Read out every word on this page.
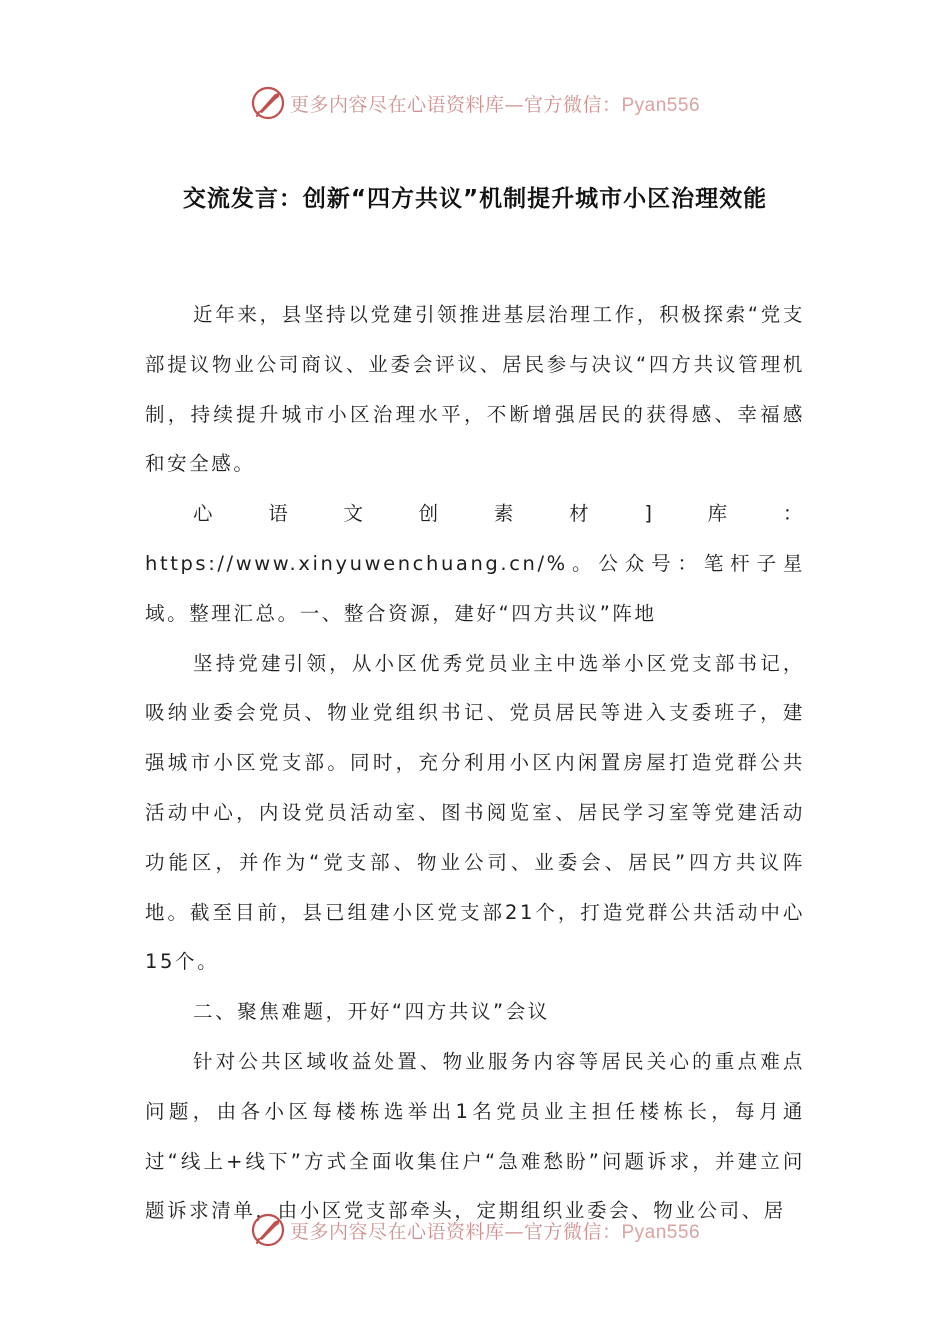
更多内容尽在心语资料库—官方微信：Pyan556
交流发言：创新“四方共议”机制提升城市小区治理效能

近年来，县坚持以党建引领推进基层治理工作，积极探索“党支部提议物业公司商议、业委会评议、居民参与决议“四方共议管理机制，持续提升城市小区治理水平，不断增强居民的获得感、幸福感和安全感。

心语文创素材]库：https://www.xinyuwenchuang.cn/%。公众号：笔杆子星域。整理汇总。一、整合资源，建好“四方共议”阵地

坚持党建引领，从小区优秀党员业主中选举小区党支部书记，吸纳业委会党员、物业党组织书记、党员居民等进入支委班子，建强城市小区党支部。同时，充分利用小区内闲置房屋打造党群公共活动中心，内设党员活动室、图书阅览室、居民学习室等党建活动功能区，并作为“党支部、物业公司、业委会、居民”四方共议阵地。截至目前，县已组建小区党支部21个，打造党群公共活动中心15个。

二、聚焦难题，开好“四方共议”会议

针对公共区域收益处置、物业服务内容等居民关心的重点难点问题，由各小区每楼栋选举出1名党员业主担任楼栋长，每月通过“线上+线下”方式全面收集住户“急难愁盼”问题诉求，并建立问题诉求清单，由小区党支部牵头，定期组织业委会、物业公司、居

更多内容尽在心语资料库—官方微信：Pyan556
